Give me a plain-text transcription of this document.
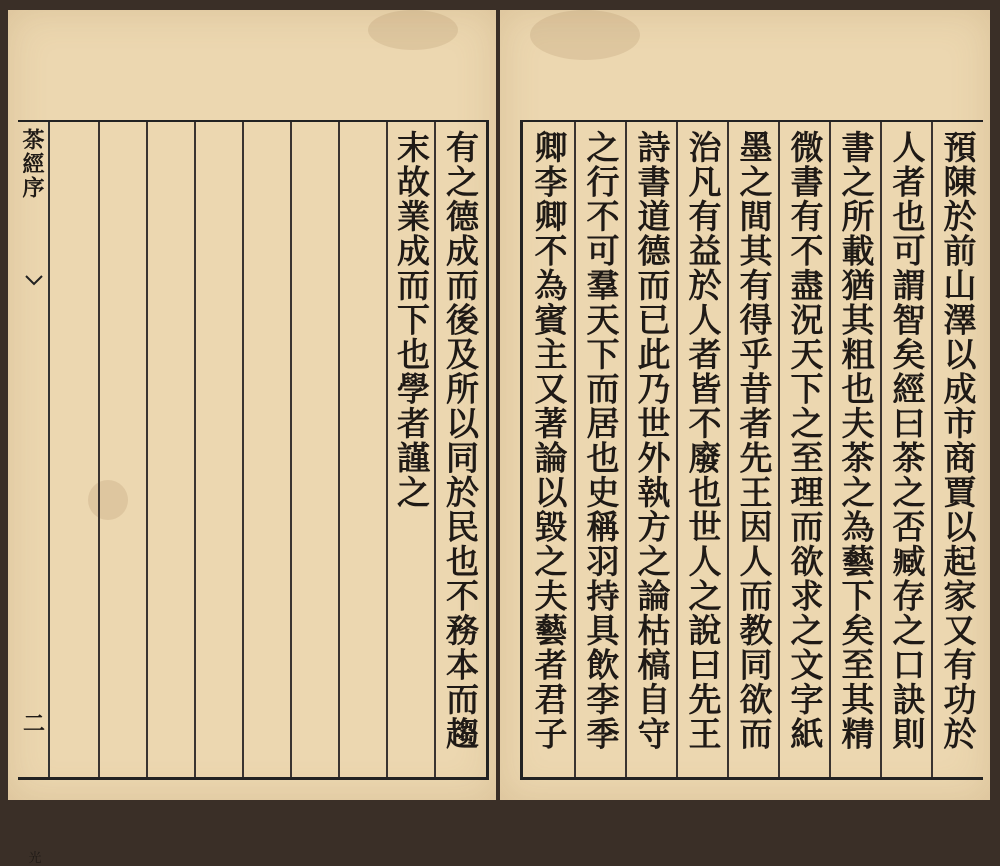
茶經序
二
光
有之德成而後及所以同於民也不務本而趨
末故業成而下也學者謹之	預陳於前山澤以成市商賈以起家又有功於
人者也可謂智矣經曰茶之否臧存之口訣則
書之所載猶其粗也夫茶之為藝下矣至其精
微書有不盡況天下之至理而欲求之文字紙
墨之間其有得乎昔者先王因人而教同欲而
治凡有益於人者皆不廢也世人之說曰先王
詩書道德而已此乃世外執方之論枯槁自守
之行不可羣天下而居也史稱羽持具飲李季
卿李卿不為賓主又著論以毀之夫藝者君子
